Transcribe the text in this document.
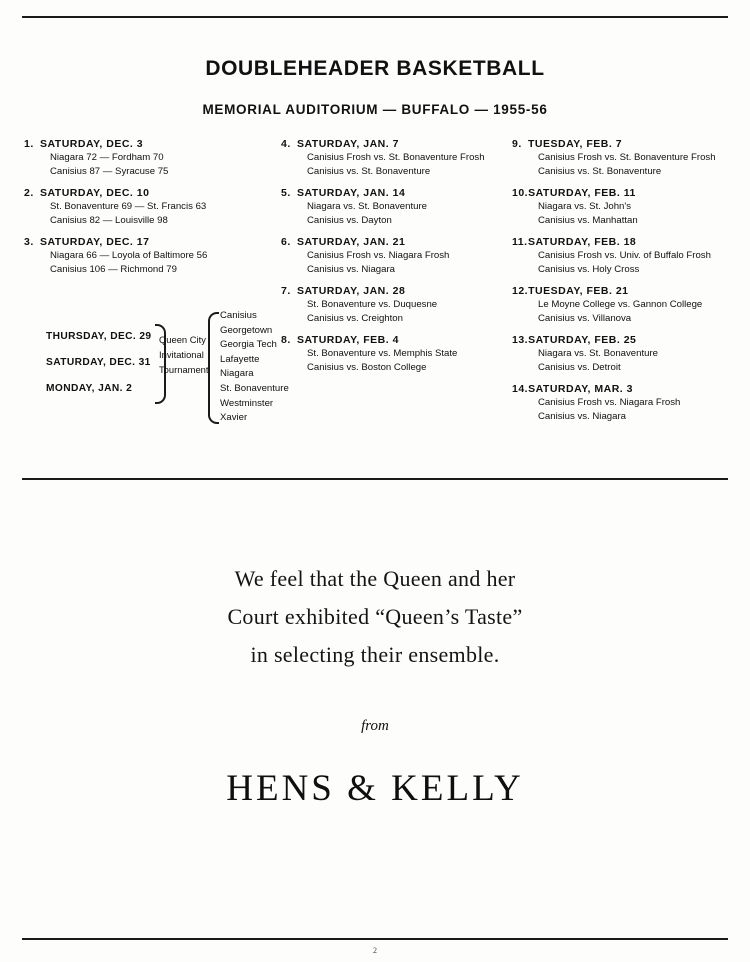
DOUBLEHEADER BASKETBALL
MEMORIAL AUDITORIUM — BUFFALO — 1955-56
1. SATURDAY, DEC. 3
Niagara 72 — Fordham 70
Canisius 87 — Syracuse 75
2. SATURDAY, DEC. 10
St. Bonaventure 69 — St. Francis 63
Canisius 82 — Louisville 98
3. SATURDAY, DEC. 17
Niagara 66 — Loyola of Baltimore 56
Canisius 106 — Richmond 79
THURSDAY, DEC. 29
SATURDAY, DEC. 31
MONDAY, JAN. 2
Queen City
Invitational
Tournament
Canisius
Georgetown
Georgia Tech
Lafayette
Niagara
St. Bonaventure
Westminster
Xavier
4. SATURDAY, JAN. 7
Canisius Frosh vs. St. Bonaventure Frosh
Canisius vs. St. Bonaventure
5. SATURDAY, JAN. 14
Niagara vs. St. Bonaventure
Canisius vs. Dayton
6. SATURDAY, JAN. 21
Canisius Frosh vs. Niagara Frosh
Canisius vs. Niagara
7. SATURDAY, JAN. 28
St. Bonaventure vs. Duquesne
Canisius vs. Creighton
8. SATURDAY, FEB. 4
St. Bonaventure vs. Memphis State
Canisius vs. Boston College
9. TUESDAY, FEB. 7
Canisius Frosh vs. St. Bonaventure Frosh
Canisius vs. St. Bonaventure
10.SATURDAY, FEB. 11
Niagara vs. St. John's
Canisius vs. Manhattan
11.SATURDAY, FEB. 18
Canisius Frosh vs. Univ. of Buffalo Frosh
Canisius vs. Holy Cross
12.TUESDAY, FEB. 21
Le Moyne College vs. Gannon College
Canisius vs. Villanova
13.SATURDAY, FEB. 25
Niagara vs. St. Bonaventure
Canisius vs. Detroit
14.SATURDAY, MAR. 3
Canisius Frosh vs. Niagara Frosh
Canisius vs. Niagara
We feel that the Queen and her
Court exhibited “Queen’s Taste”
in selecting their ensemble.
from
HENS & KELLY
2
